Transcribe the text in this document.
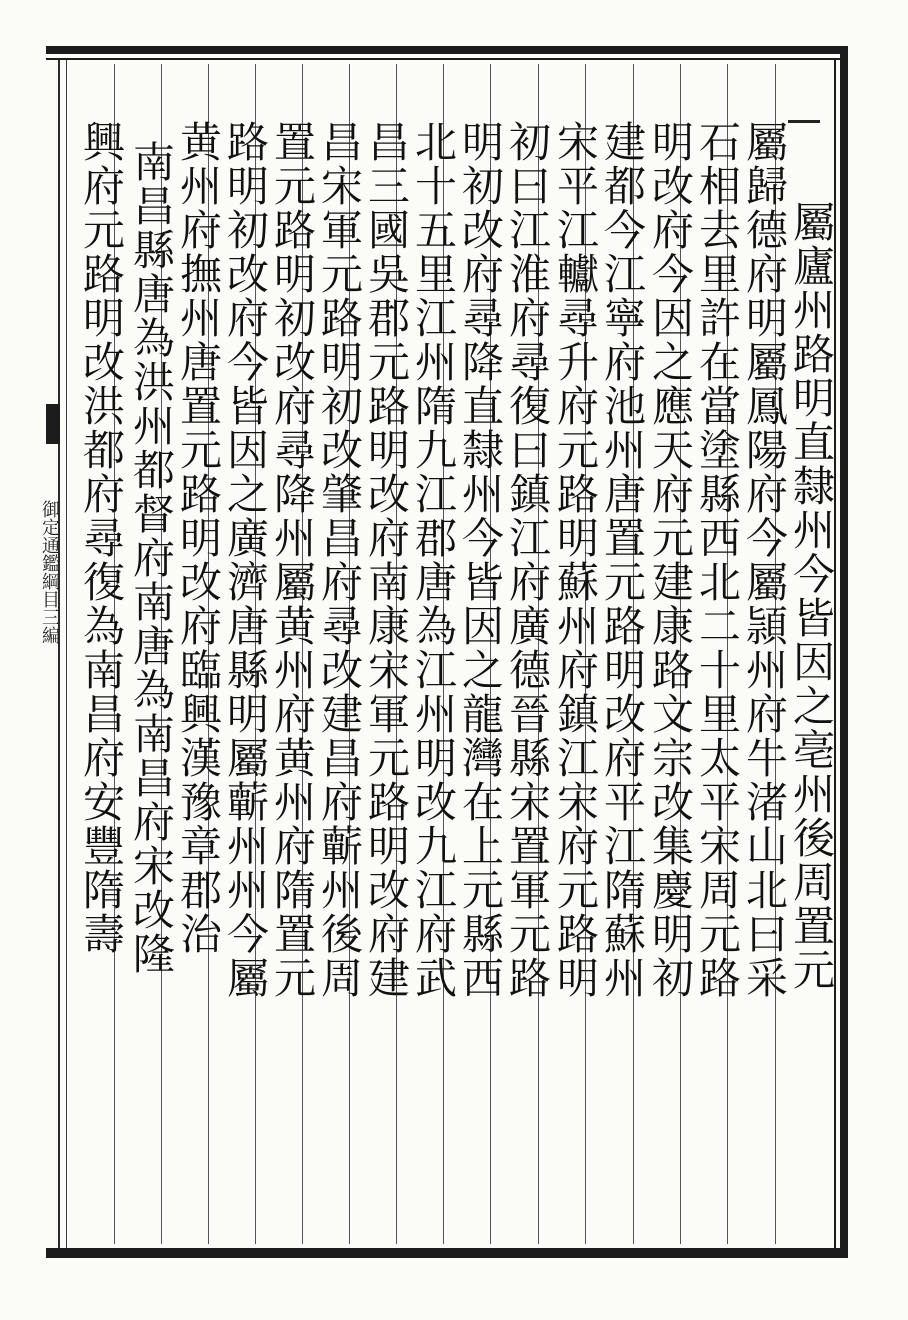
御定通鑑綱目三編	屬廬州路明直隸州今皆因之亳州後周置元
屬歸德府明屬鳳陽府今屬頴州府牛渚山北曰采
石相去里許在當塗縣西北二十里太平宋周元路
明改府今因之應天府元建康路文宗改集慶明初
建都今江寧府池州唐置元路明改府平江隋蘇州
宋平江䡾尋升府元路明蘇州府鎮江宋府元路明
初曰江淮府尋復曰鎮江府廣德晉縣宋置軍元路
明初改府尋降直隸州今皆因之龍灣在上元縣西
北十五里江州隋九江郡唐為江州明改九江府武
昌三國吳郡元路明改府南康宋軍元路明改府建
昌宋軍元路明初改肇昌府尋改建昌府蘄州後周
置元路明初改府尋降州屬黄州府黄州府隋置元
路明初改府今皆因之廣濟唐縣明屬蘄州州今屬
黄州府撫州唐置元路明改府臨興漢豫章郡治
南昌縣唐為洪州都督府南唐為南昌府宋改隆
興府元路明改洪都府尋復為南昌府安豐隋壽
